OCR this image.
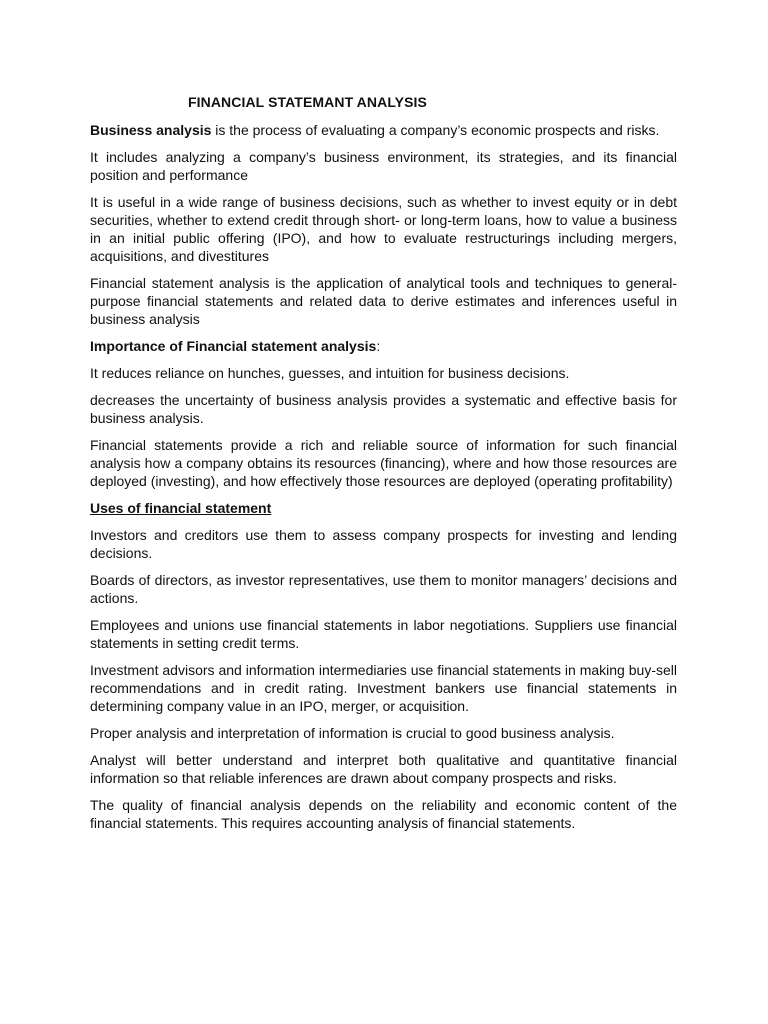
FINANCIAL STATEMANT ANALYSIS

Business analysis is the process of evaluating a company’s economic prospects and risks.

It includes analyzing a company’s business environment, its strategies, and its financial position and performance

It is useful in a wide range of business decisions, such as whether to invest equity or in debt securities, whether to extend credit through short- or long-term loans, how to value a business in an initial public offering (IPO), and how to evaluate restructurings including mergers, acquisitions, and divestitures

Financial statement analysis is the application of analytical tools and techniques to general-purpose financial statements and related data to derive estimates and inferences useful in business analysis

Importance of Financial statement analysis:

It reduces reliance on hunches, guesses, and intuition for business decisions.

decreases the uncertainty of business analysis provides a systematic and effective basis for business analysis.

Financial statements provide a rich and reliable source of information for such financial analysis how a company obtains its resources (financing), where and how those resources are deployed (investing), and how effectively those resources are deployed (operating profitability)

Uses of financial statement

Investors and creditors use them to assess company prospects for investing and lending decisions.

Boards of directors, as investor representatives, use them to monitor managers’ decisions and actions.

Employees and unions use financial statements in labor negotiations. Suppliers use financial statements in setting credit terms.

Investment advisors and information intermediaries use financial statements in making buy-sell recommendations and in credit rating. Investment bankers use financial statements in determining company value in an IPO, merger, or acquisition.

Proper analysis and interpretation of information is crucial to good business analysis.

Analyst will better understand and interpret both qualitative and quantitative financial information so that reliable inferences are drawn about company prospects and risks.

The quality of financial analysis depends on the reliability and economic content of the financial statements. This requires accounting analysis of financial statements.
